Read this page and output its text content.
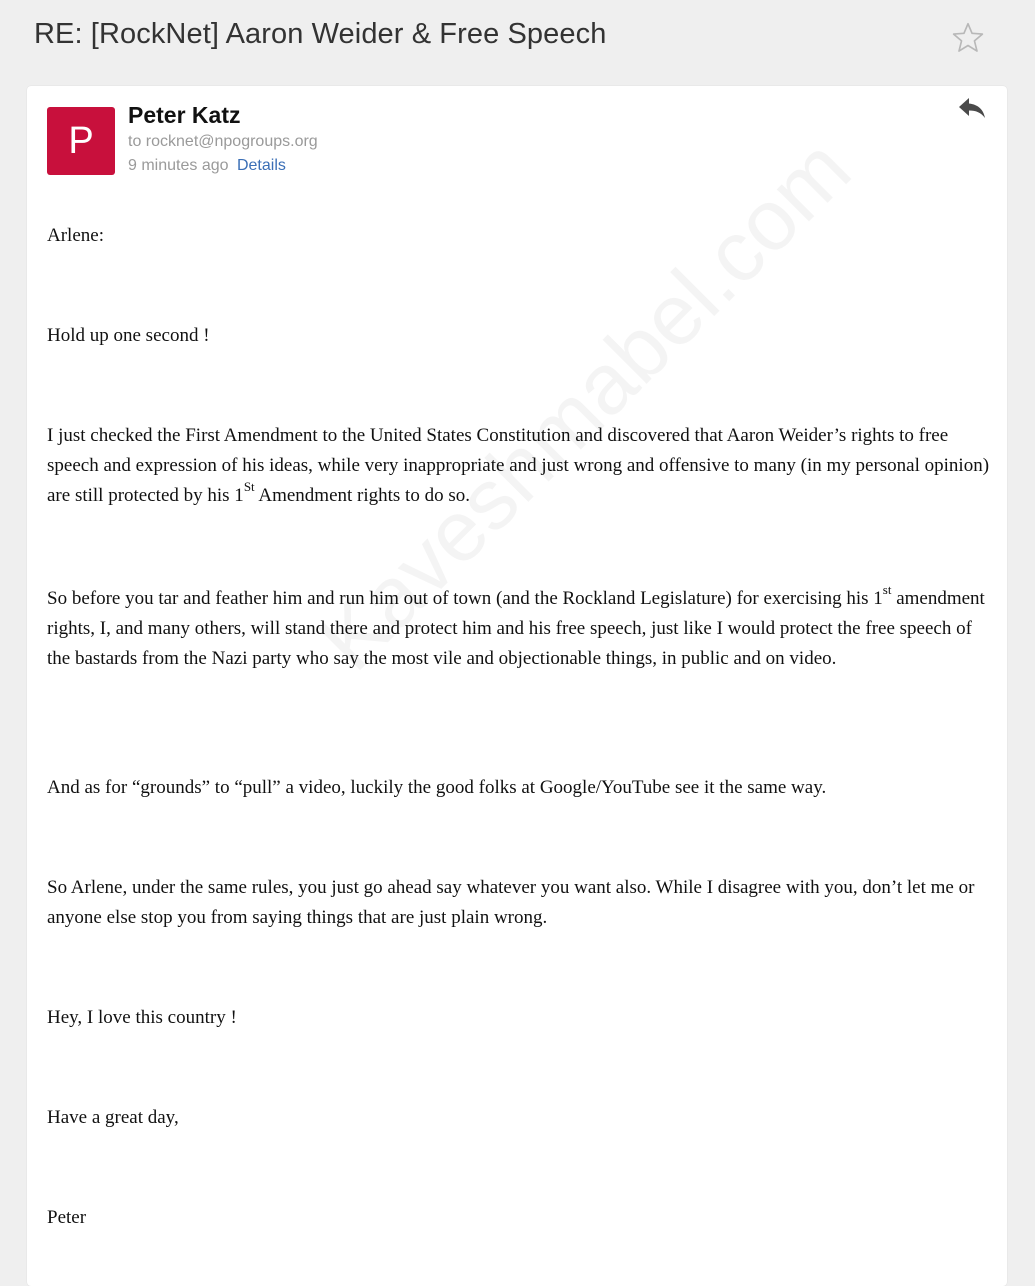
RE: [RockNet] Aaron Weider & Free Speech
P
Peter Katz
to rocknet@npogroups.org
9 minutes ago Details

Arlene:

Hold up one second !

I just checked the First Amendment to the United States Constitution and discovered that Aaron Weider’s rights to free speech and expression of his ideas, while very inappropriate and just wrong and offensive to many (in my personal opinion) are still protected by his 1St Amendment rights to do so.

So before you tar and feather him and run him out of town (and the Rockland Legislature) for exercising his 1st amendment rights, I, and many others, will stand there and protect him and his free speech, just like I would protect the free speech of the bastards from the Nazi party who say the most vile and objectionable things, in public and on video.

And as for “grounds” to “pull” a video, luckily the good folks at Google/YouTube see it the same way.

So Arlene, under the same rules, you just go ahead say whatever you want also. While I disagree with you, don’t let me or anyone else stop you from saying things that are just plain wrong.

Hey, I love this country !

Have a great day,

Peter
